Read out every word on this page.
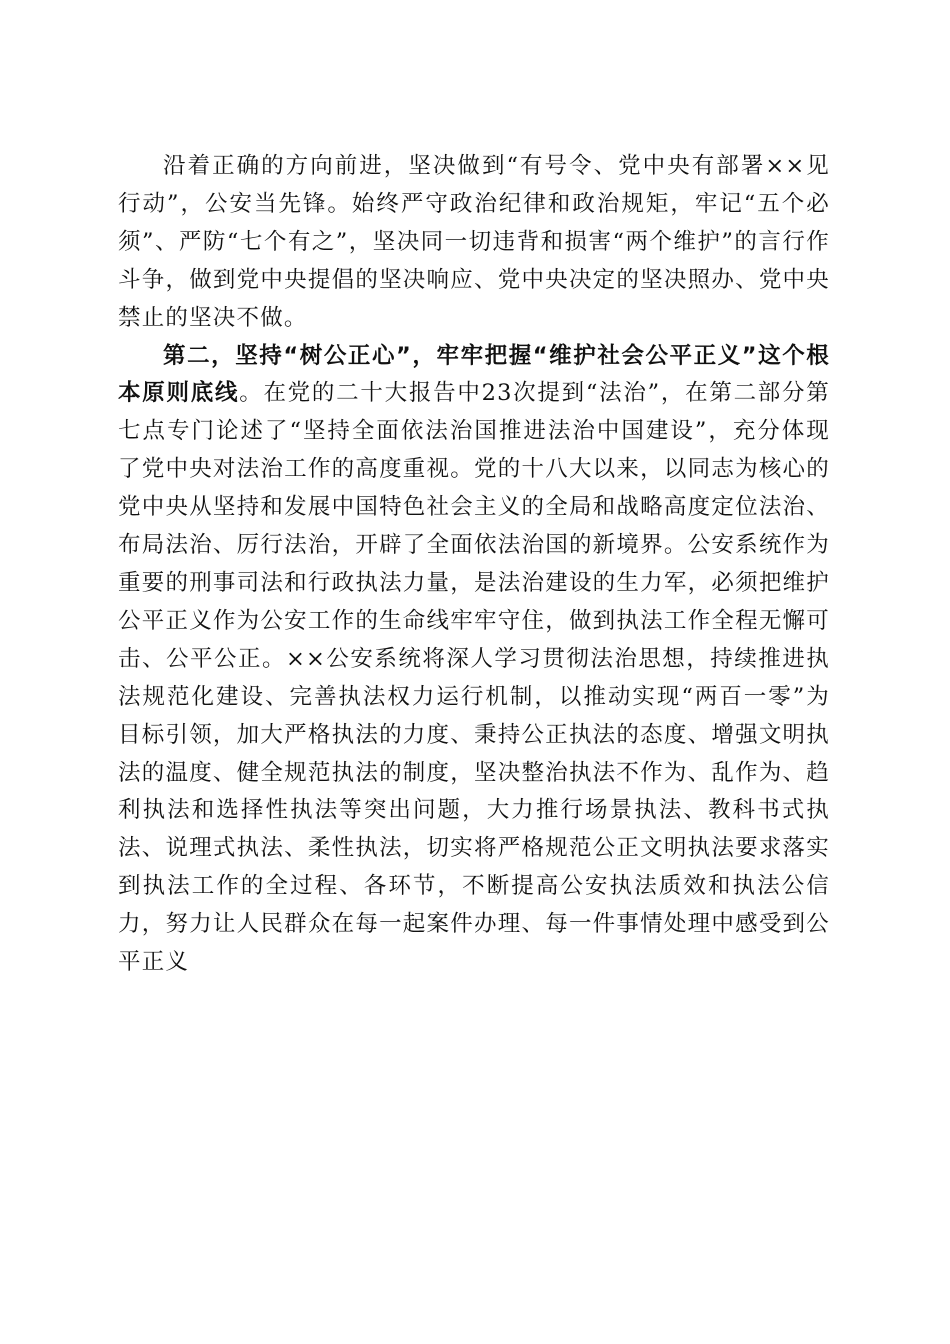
沿着正确的方向前进，坚决做到“有号令、党中央有部署××见行动”，公安当先锋。始终严守政治纪律和政治规矩，牢记“五个必须”、严防“七个有之”，坚决同一切违背和损害“两个维护”的言行作斗争，做到党中央提倡的坚决响应、党中央决定的坚决照办、党中央禁止的坚决不做。

第二，坚持“树公正心”，牢牢把握“维护社会公平正义”这个根本原则底线。在党的二十大报告中23次提到“法治”，在第二部分第七点专门论述了“坚持全面依法治国推进法治中国建设”，充分体现了党中央对法治工作的高度重视。党的十八大以来，以同志为核心的党中央从坚持和发展中国特色社会主义的全局和战略高度定位法治、布局法治、厉行法治，开辟了全面依法治国的新境界。公安系统作为重要的刑事司法和行政执法力量，是法治建设的生力军，必须把维护公平正义作为公安工作的生命线牢牢守住，做到执法工作全程无懈可击、公平公正。××公安系统将深人学习贯彻法治思想，持续推进执法规范化建设、完善执法权力运行机制，以推动实现“两百一零”为目标引领，加大严格执法的力度、秉持公正执法的态度、增强文明执法的温度、健全规范执法的制度，坚决整治执法不作为、乱作为、趋利执法和选择性执法等突出问题，大力推行场景执法、教科书式执法、说理式执法、柔性执法，切实将严格规范公正文明执法要求落实到执法工作的全过程、各环节，不断提高公安执法质效和执法公信力，努力让人民群众在每一起案件办理、每一件事情处理中感受到公平正义
